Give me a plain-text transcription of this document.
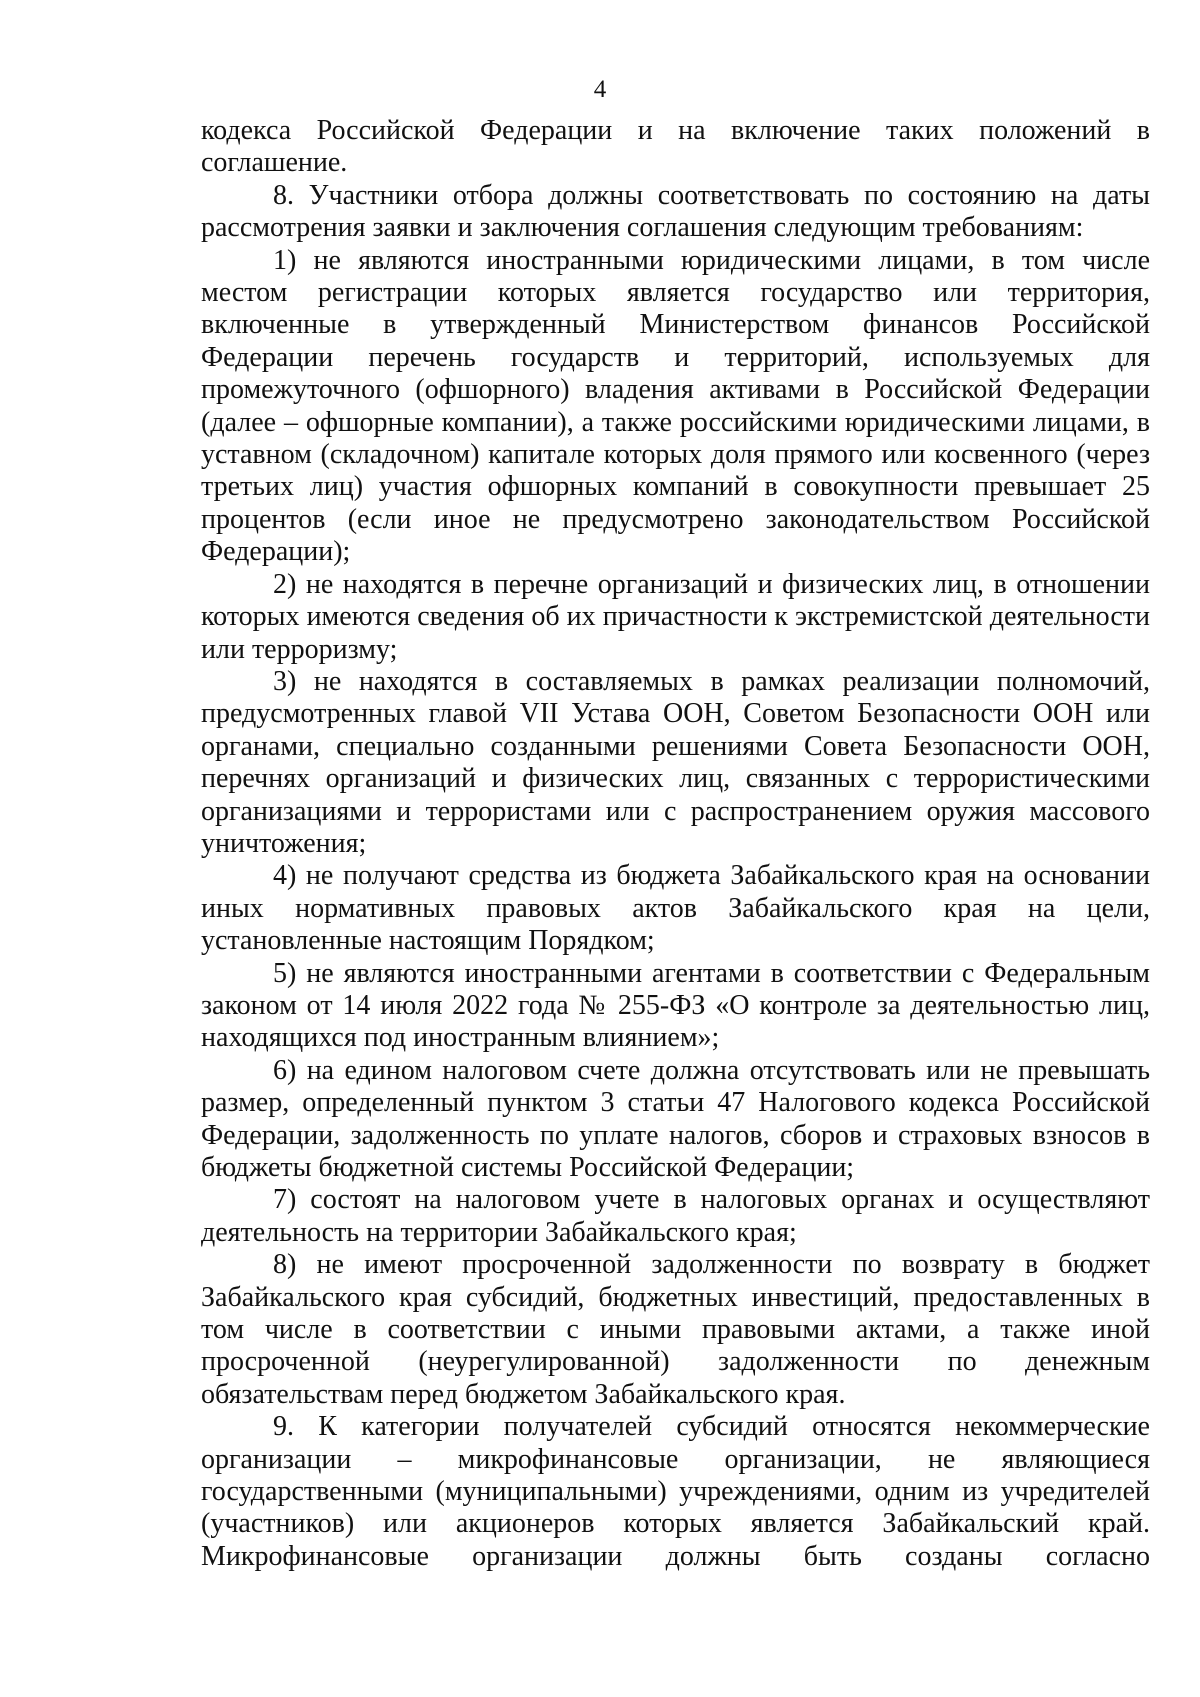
4

кодекса Российской Федерации и на включение таких положений в соглашение.

8. Участники отбора должны соответствовать по состоянию на даты рассмотрения заявки и заключения соглашения следующим требованиям:

1) не являются иностранными юридическими лицами, в том числе местом регистрации которых является государство или территория, включенные в утвержденный Министерством финансов Российской Федерации перечень государств и территорий, используемых для промежуточного (офшорного) владения активами в Российской Федерации (далее – офшорные компании), а также российскими юридическими лицами, в уставном (складочном) капитале которых доля прямого или косвенного (через третьих лиц) участия офшорных компаний в совокупности превышает 25 процентов (если иное не предусмотрено законодательством Российской Федерации);

2) не находятся в перечне организаций и физических лиц, в отношении которых имеются сведения об их причастности к экстремистской деятельности или терроризму;

3) не находятся в составляемых в рамках реализации полномочий, предусмотренных главой VII Устава ООН, Советом Безопасности ООН или органами, специально созданными решениями Совета Безопасности ООН, перечнях организаций и физических лиц, связанных с террористическими организациями и террористами или с распространением оружия массового уничтожения;

4) не получают средства из бюджета Забайкальского края на основании иных нормативных правовых актов Забайкальского края на цели, установленные настоящим Порядком;

5) не являются иностранными агентами в соответствии с Федеральным законом от 14 июля 2022 года № 255-ФЗ «О контроле за деятельностью лиц, находящихся под иностранным влиянием»;

6) на едином налоговом счете должна отсутствовать или не превышать размер, определенный пунктом 3 статьи 47 Налогового кодекса Российской Федерации, задолженность по уплате налогов, сборов и страховых взносов в бюджеты бюджетной системы Российской Федерации;

7) состоят на налоговом учете в налоговых органах и осуществляют деятельность на территории Забайкальского края;

8) не имеют просроченной задолженности по возврату в бюджет Забайкальского края субсидий, бюджетных инвестиций, предоставленных в том числе в соответствии с иными правовыми актами, а также иной просроченной (неурегулированной) задолженности по денежным обязательствам перед бюджетом Забайкальского края.

9. К категории получателей субсидий относятся некоммерческие организации – микрофинансовые организации, не являющиеся государственными (муниципальными) учреждениями, одним из учредителей (участников) или акционеров которых является Забайкальский край. Микрофинансовые организации должны быть созданы согласно
